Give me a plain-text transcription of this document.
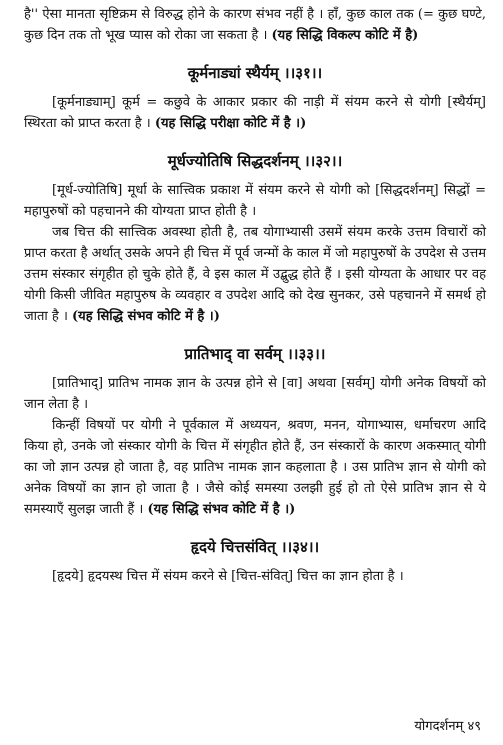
है'' ऐसा मानता सृष्टिक्रम से विरुद्ध होने के कारण संभव नहीं है । हाँ, कुछ काल तक (= कुछ घण्टे, कुछ दिन तक तो भूख प्यास को रोका जा सकता है । (यह सिद्धि विकल्प कोटि में है)

कूर्मनाड्यां स्थैर्यम् ।।३१।।

[कूर्मनाड्याम्] कूर्म = कछुवे के आकार प्रकार की नाड़ी में संयम करने से योगी [स्थैर्यम्] स्थिरता को प्राप्त करता है । (यह सिद्धि परीक्षा कोटि में है ।)

मूर्धज्योतिषि सिद्धदर्शनम् ।।३२।।

[मूर्ध-ज्योतिषि] मूर्धा के सात्त्विक प्रकाश में संयम करने से योगी को [सिद्धदर्शनम्] सिद्धों = महापुरुषों को पहचानने की योग्यता प्राप्त होती है ।

जब चित्त की सात्त्विक अवस्था होती है, तब योगाभ्यासी उसमें संयम करके उत्तम विचारों को प्राप्त करता है अर्थात् उसके अपने ही चित्त में पूर्व जन्मों के काल में जो महापुरुषों के उपदेश से उत्तम उत्तम संस्कार संगृहीत हो चुके होते हैं, वे इस काल में उद्बुद्ध होते हैं । इसी योग्यता के आधार पर वह योगी किसी जीवित महापुरुष के व्यवहार व उपदेश आदि को देख सुनकर, उसे पहचानने में समर्थ हो जाता है । (यह सिद्धि संभव कोटि में है ।)

प्रातिभाद् वा सर्वम् ।।३३।।

[प्रातिभाद्] प्रातिभ नामक ज्ञान के उत्पन्न होने से [वा] अथवा [सर्वम्] योगी अनेक विषयों को जान लेता है ।

किन्हीं विषयों पर योगी ने पूर्वकाल में अध्ययन, श्रवण, मनन, योगाभ्यास, धर्माचरण आदि किया हो, उनके जो संस्कार योगी के चित्त में संगृहीत होते हैं, उन संस्कारों के कारण अकस्मात् योगी का जो ज्ञान उत्पन्न हो जाता है, वह प्रातिभ नामक ज्ञान कहलाता है । उस प्रातिभ ज्ञान से योगी को अनेक विषयों का ज्ञान हो जाता है । जैसे कोई समस्या उलझी हुई हो तो ऐसे प्रातिभ ज्ञान से ये समस्याएँ सुलझ जाती हैं । (यह सिद्धि संभव कोटि में है ।)

हृदये चित्तसंवित् ।।३४।।

[हृदये] हृदयस्थ चित्त में संयम करने से [चित्त-संवित्] चित्त का ज्ञान होता है ।

योगदर्शनम् ४९
